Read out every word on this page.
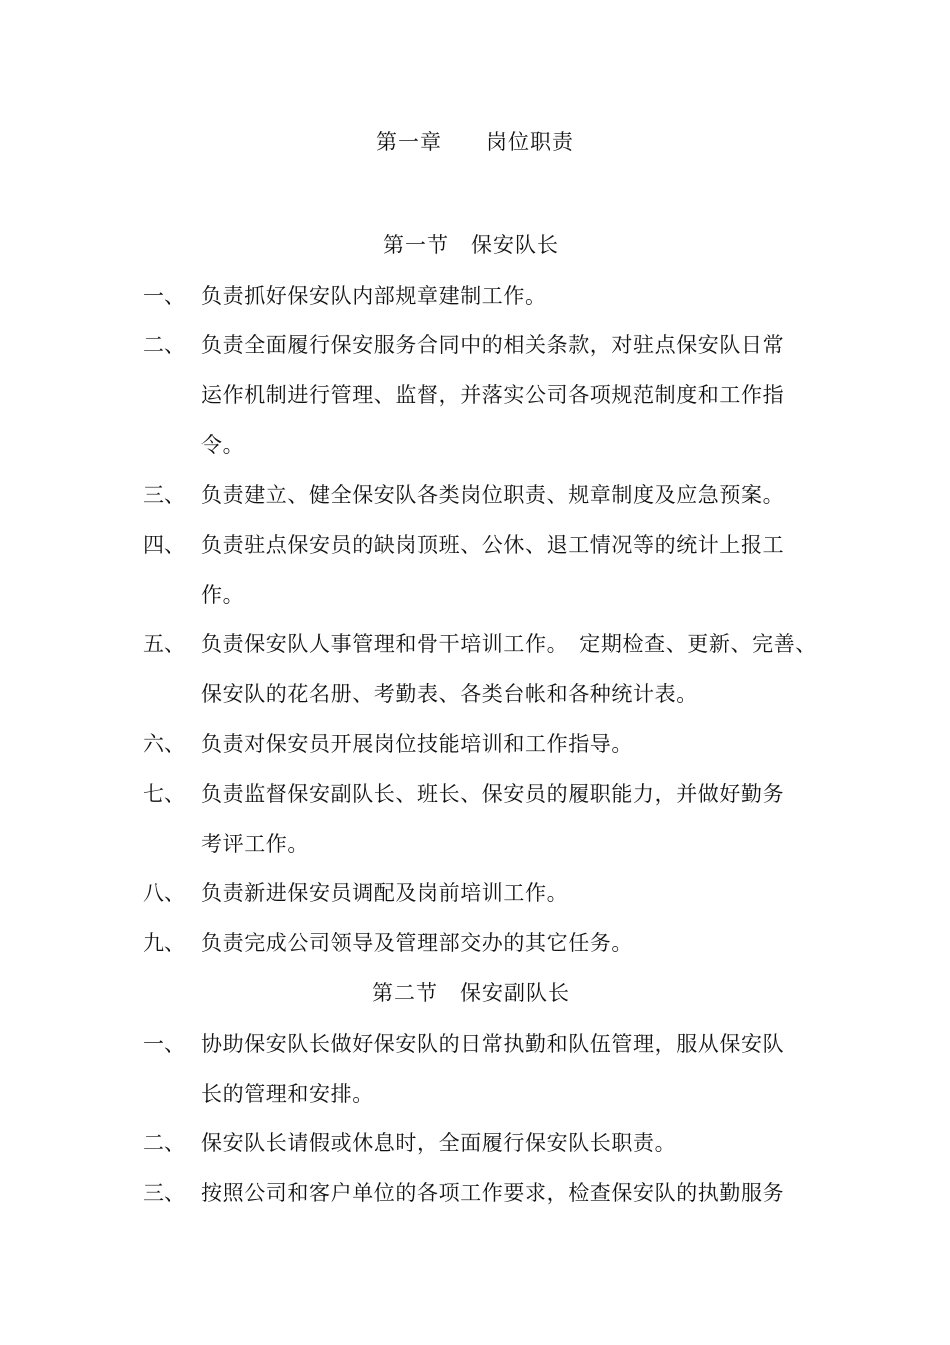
第一章　　岗位职责
第一节　保安队长
一、 负责抓好保安队内部规章建制工作。
二、 负责全面履行保安服务合同中的相关条款，对驻点保安队日常
运作机制进行管理、监督，并落实公司各项规范制度和工作指
令。
三、 负责建立、健全保安队各类岗位职责、规章制度及应急预案。
四、 负责驻点保安员的缺岗顶班、公休、退工情况等的统计上报工
作。
五、 负责保安队人事管理和骨干培训工作。　定期检查、更新、完善、
保安队的花名册、考勤表、各类台帐和各种统计表。
六、 负责对保安员开展岗位技能培训和工作指导。
七、 负责监督保安副队长、班长、保安员的履职能力，并做好勤务
考评工作。
八、 负责新进保安员调配及岗前培训工作。
九、 负责完成公司领导及管理部交办的其它任务。
第二节　保安副队长
一、 协助保安队长做好保安队的日常执勤和队伍管理，服从保安队
长的管理和安排。
二、 保安队长请假或休息时，全面履行保安队长职责。
三、 按照公司和客户单位的各项工作要求，检查保安队的执勤服务
